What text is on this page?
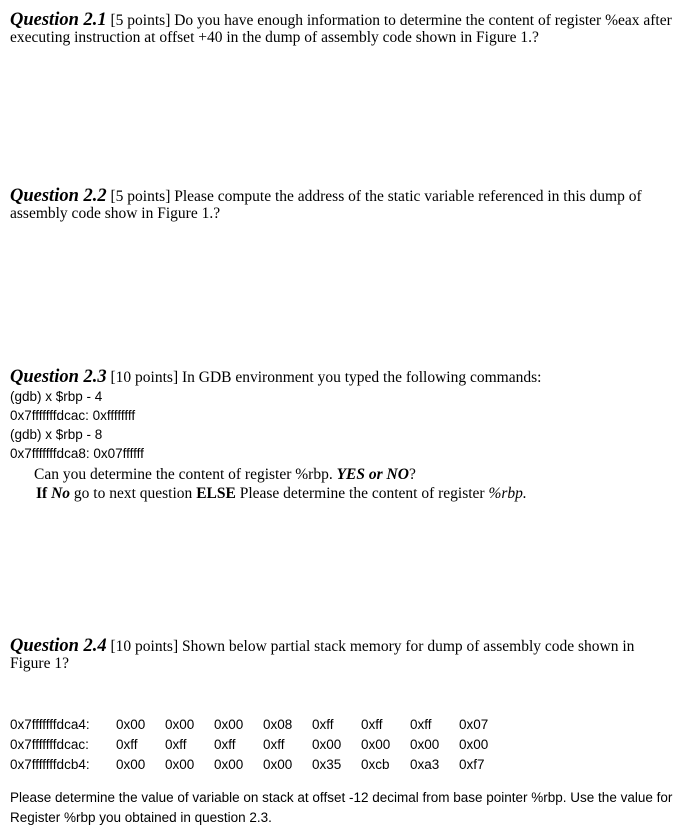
Question 2.1 [5 points] Do you have enough information to determine the content of register %eax after executing instruction at offset +40 in the dump of assembly code shown in Figure 1.?
Question 2.2 [5 points] Please compute the address of the static variable referenced in this dump of assembly code show in Figure 1.?
Question 2.3 [10 points] In GDB environment you typed the following commands:
(gdb) x $rbp - 4
0x7fffffffdcac: 0xffffffff
(gdb) x $rbp - 8
0x7fffffffdca8: 0x07ffffff
Can you determine the content of register %rbp. YES or NO?
If No go to next question ELSE Please determine the content of register %rbp.
Question 2.4 [10 points] Shown below partial stack memory for dump of assembly code shown in Figure 1?
0x7fffffffdca4:	0x00	0x00	0x00	0x08	0xff	0xff	0xff	0x07
0x7fffffffdcac:	0xff	0xff	0xff	0xff	0x00	0x00	0x00	0x00
0x7fffffffdcb4:	0x00	0x00	0x00	0x00	0x35	0xcb	0xa3	0xf7
Please determine the value of variable on stack at offset -12 decimal from base pointer %rbp. Use the value for Register %rbp you obtained in question 2.3.
